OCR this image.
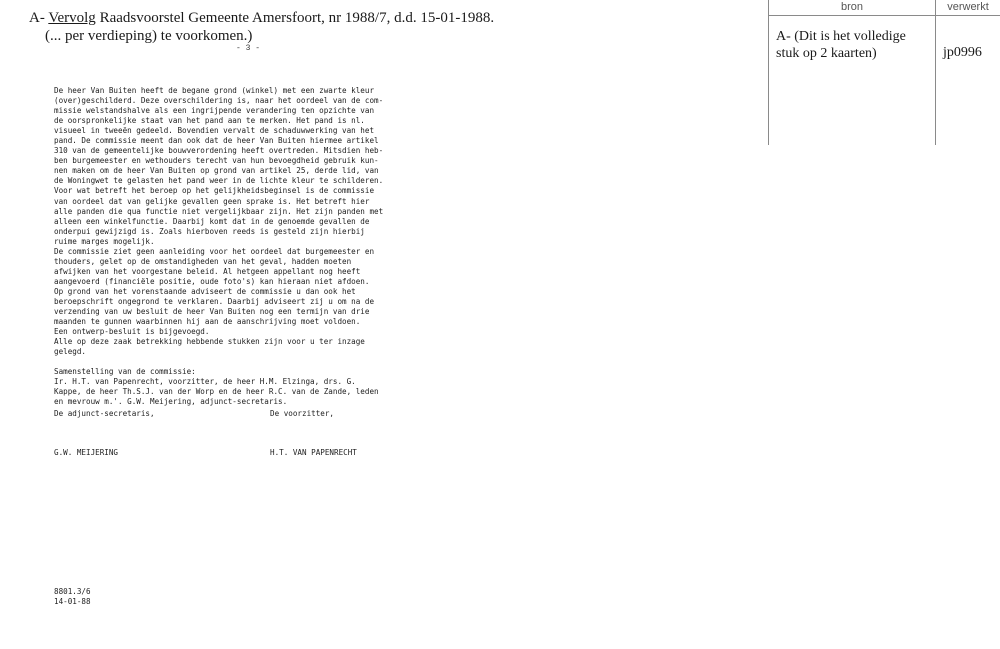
A- Vervolg Raadsvoorstel Gemeente Amersfoort, nr 1988/7, d.d. 15-01-1988.
(... per verdieping) te voorkomen.)
- 3 -
De heer Van Buiten heeft de begane grond (winkel) met een zwarte kleur
(over)geschilderd. Deze overschildering is, naar het oordeel van de com-
missie welstandshalve als een ingrijpende verandering ten opzichte van
de oorspronkelijke staat van het pand aan te merken. Het pand is nl.
visueel in tweeën gedeeld. Bovendien vervalt de schaduwwerking van het
pand. De commissie meent dan ook dat de heer Van Buiten hiermee artikel
310 van de gemeentelijke bouwverordening heeft overtreden. Mitsdien heb-
ben burgemeester en wethouders terecht van hun bevoegdheid gebruik kun-
nen maken om de heer Van Buiten op grond van artikel 25, derde lid, van
de Woningwet te gelasten het pand weer in de lichte kleur te schilderen.
Voor wat betreft het beroep op het gelijkheidsbeginsel is de commissie
van oordeel dat van gelijke gevallen geen sprake is. Het betreft hier
alle panden die qua functie niet vergelijkbaar zijn. Het zijn panden met
alleen een winkelfunctie. Daarbij komt dat in de genoemde gevallen de
onderpui gewijzigd is. Zoals hierboven reeds is gesteld zijn hierbij
ruime marges mogelijk.
De commissie ziet geen aanleiding voor het oordeel dat burgemeester en
thouders, gelet op de omstandigheden van het geval, hadden moeten
afwijken van het voorgestane beleid. Al hetgeen appellant nog heeft
aangevoerd (financiële positie, oude foto's) kan hieraan niet afdoen.
Op grond van het vorenstaande adviseert de commissie u dan ook het
beroepschrift ongegrond te verklaren. Daarbij adviseert zij u om na de
verzending van uw besluit de heer Van Buiten nog een termijn van drie
maanden te gunnen waarbinnen hij aan de aanschrijving moet voldoen.
Een ontwerp-besluit is bijgevoegd.
Alle op deze zaak betrekking hebbende stukken zijn voor u ter inzage
gelegd.
Samenstelling van de commissie:
Ir. H.T. van Papenrecht, voorzitter, de heer H.M. Elzinga, drs. G.
Kappe, de heer Th.S.J. van der Worp en de heer R.C. van de Zande, leden
en mevrouw m.'. G.W. Meijering, adjunct-secretaris.
De adjunct-secretaris,	De voorzitter,
G.W. MEIJERING	H.T. VAN PAPENRECHT
8801.3/6
14-01-88
bron	verwerkt
A- (Dit is het volledige
stuk op 2 kaarten)	jp0996
